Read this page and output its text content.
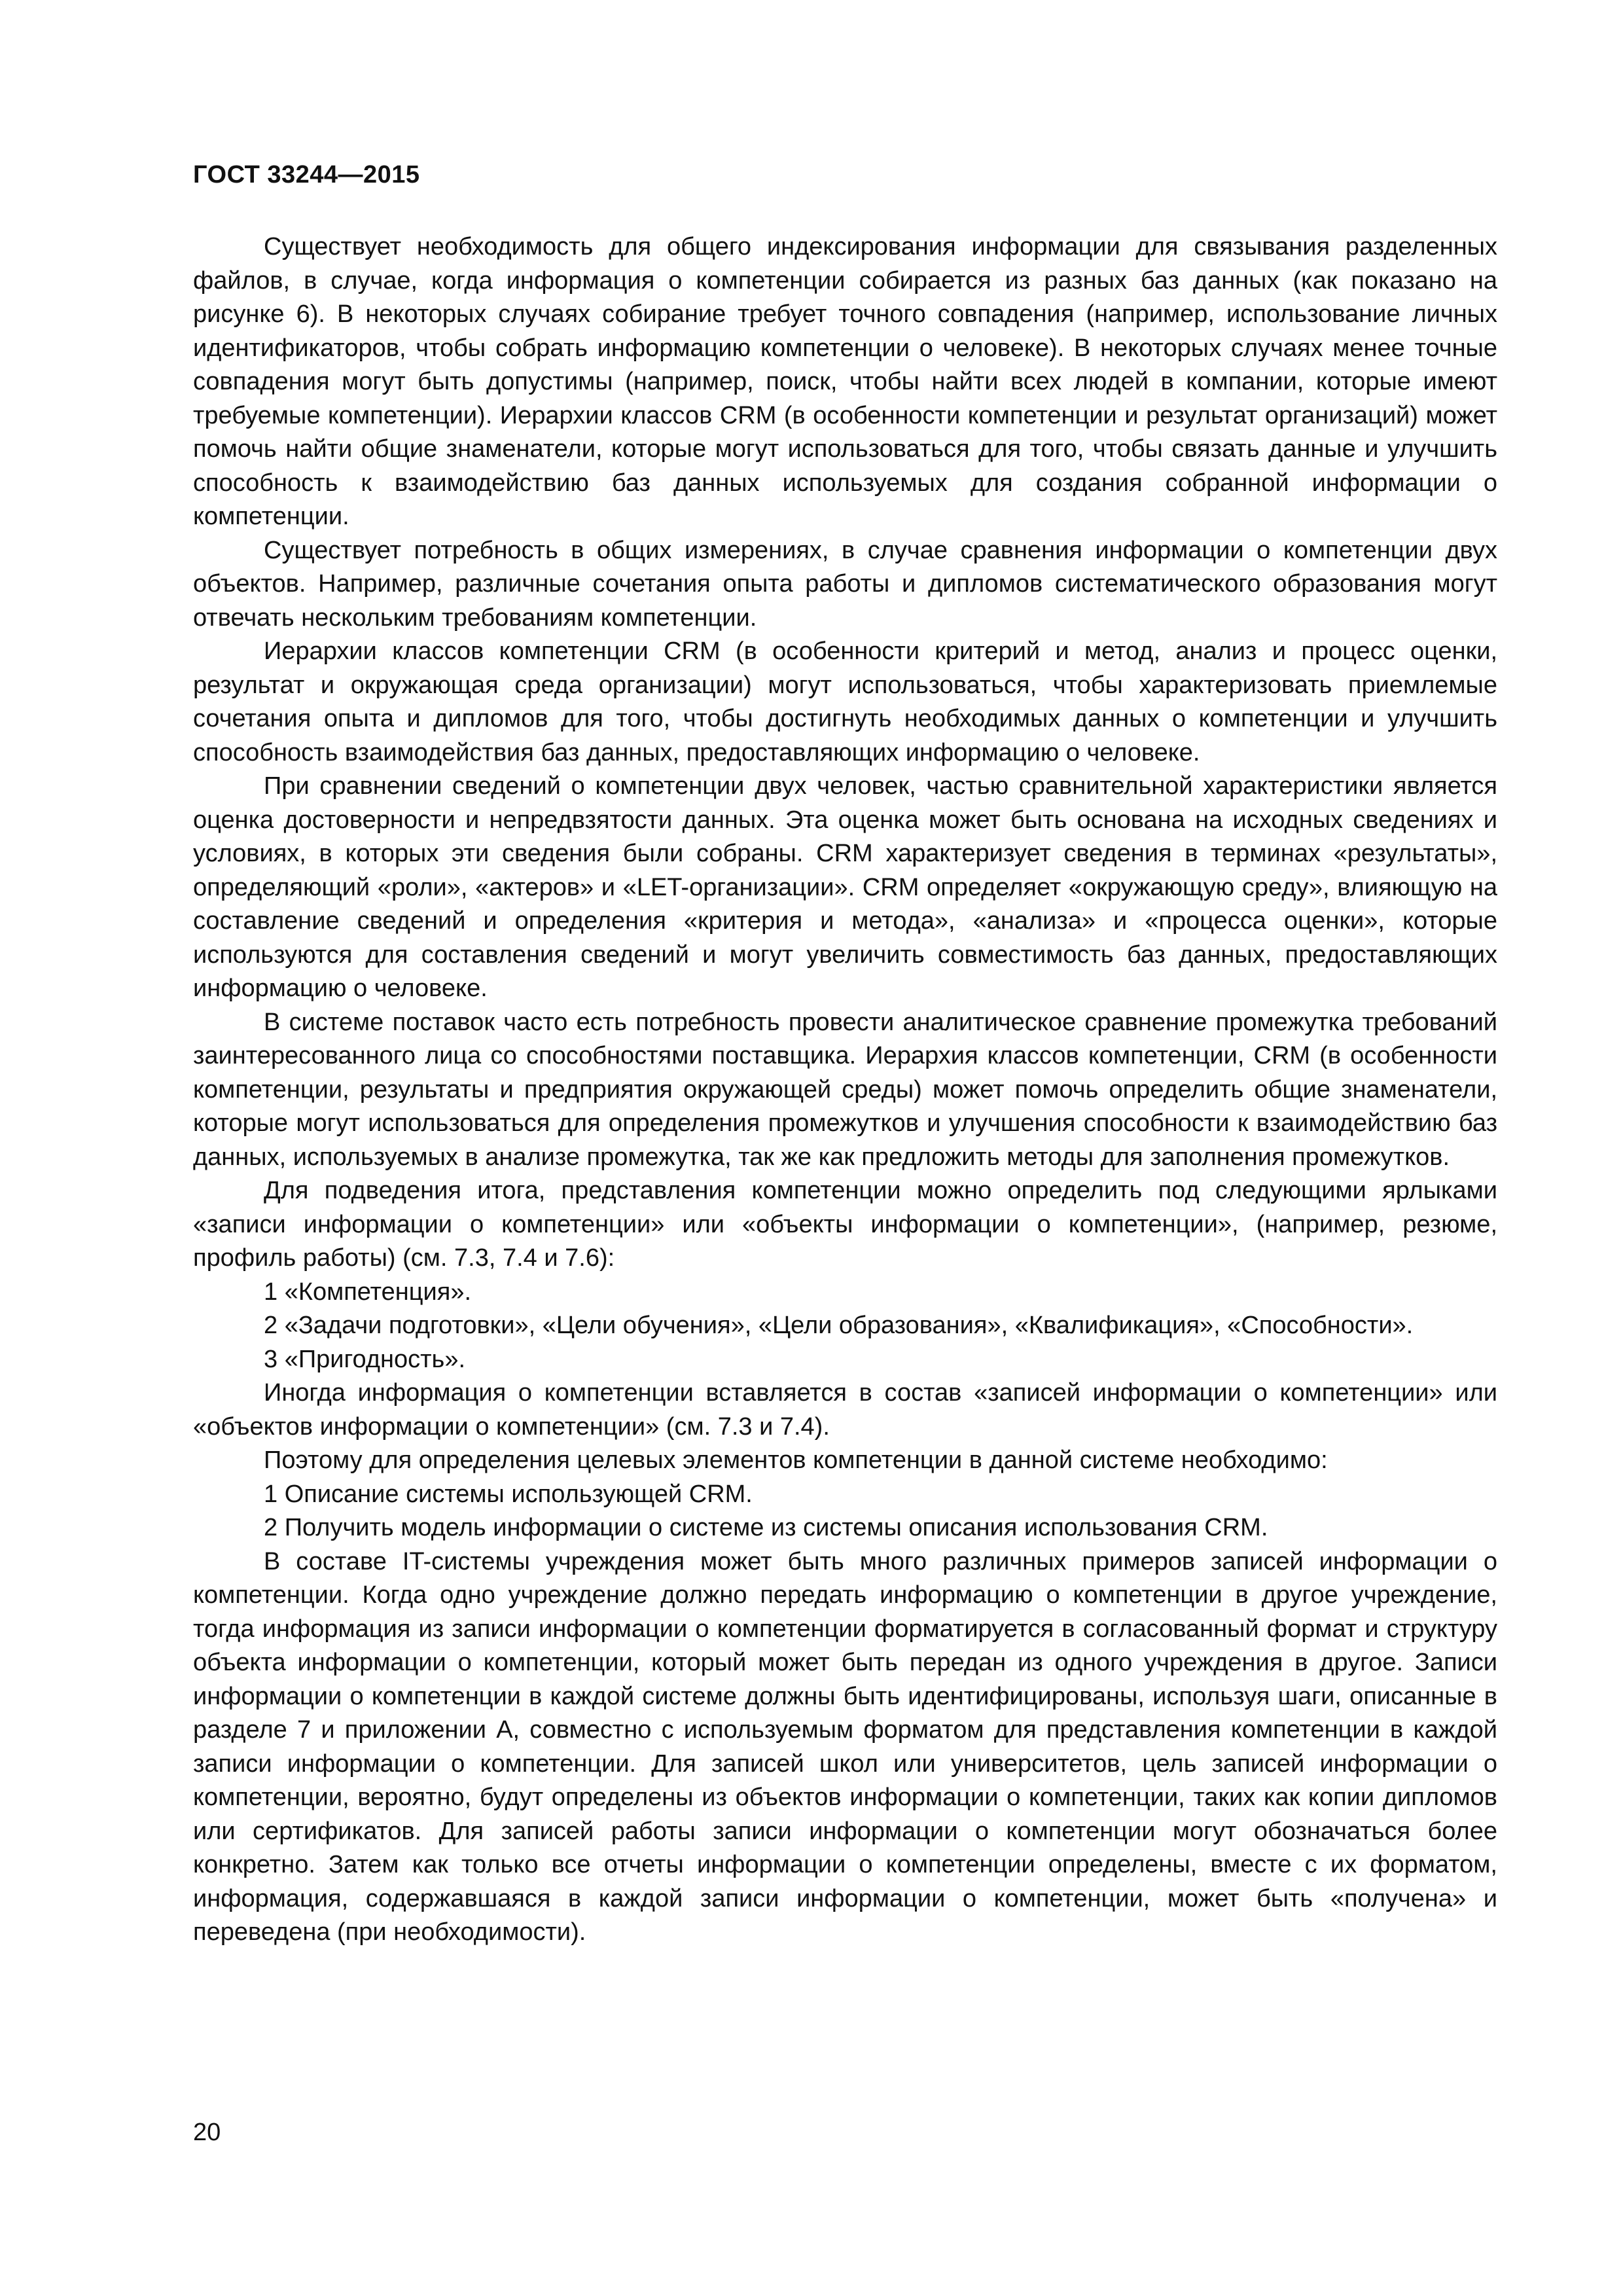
ГОСТ 33244—2015

Существует необходимость для общего индексирования информации для связывания разделенных файлов, в случае, когда информация о компетенции собирается из разных баз данных (как показано на рисунке 6). В некоторых случаях собирание требует точного совпадения (например, использование личных идентификаторов, чтобы собрать информацию компетенции о человеке). В некоторых случаях менее точные совпадения могут быть допустимы (например, поиск, чтобы найти всех людей в компании, которые имеют требуемые компетенции). Иерархии классов CRM (в особенности компетенции и результат организаций) может помочь найти общие знаменатели, которые могут использоваться для того, чтобы связать данные и улучшить способность к взаимодействию баз данных используемых для создания собранной информации о компетенции.

Существует потребность в общих измерениях, в случае сравнения информации о компетенции двух объектов. Например, различные сочетания опыта работы и дипломов систематического образования могут отвечать нескольким требованиям компетенции.

Иерархии классов компетенции CRM (в особенности критерий и метод, анализ и процесс оценки, результат и окружающая среда организации) могут использоваться, чтобы характеризовать приемлемые сочетания опыта и дипломов для того, чтобы достигнуть необходимых данных о компетенции и улучшить способность взаимодействия баз данных, предоставляющих информацию о человеке.

При сравнении сведений о компетенции двух человек, частью сравнительной характеристики является оценка достоверности и непредвзятости данных. Эта оценка может быть основана на исходных сведениях и условиях, в которых эти сведения были собраны. CRM характеризует сведения в терминах «результаты», определяющий «роли», «актеров» и «LET-организации». CRM определяет «окружающую среду», влияющую на составление сведений и определения «критерия и метода», «анализа» и «процесса оценки», которые используются для составления сведений и могут увеличить совместимость баз данных, предоставляющих информацию о человеке.

В системе поставок часто есть потребность провести аналитическое сравнение промежутка требований заинтересованного лица со способностями поставщика. Иерархия классов компетенции, CRM (в особенности компетенции, результаты и предприятия окружающей среды) может помочь определить общие знаменатели, которые могут использоваться для определения промежутков и улучшения способности к взаимодействию баз данных, используемых в анализе промежутка, так же как предложить методы для заполнения промежутков.

Для подведения итога, представления компетенции можно определить под следующими ярлыками «записи информации о компетенции» или «объекты информации о компетенции», (например, резюме, профиль работы) (см. 7.3, 7.4 и 7.6):

1 «Компетенция».

2 «Задачи подготовки», «Цели обучения», «Цели образования», «Квалификация», «Способности».

3 «Пригодность».

Иногда информация о компетенции вставляется в состав «записей информации о компетенции» или «объектов информации о компетенции» (см. 7.3 и 7.4).

Поэтому для определения целевых элементов компетенции в данной системе необходимо:

1 Описание системы использующей CRM.

2 Получить модель информации о системе из системы описания использования CRM.

В составе IT-системы учреждения может быть много различных примеров записей информации о компетенции. Когда одно учреждение должно передать информацию о компетенции в другое учреждение, тогда информация из записи информации о компетенции форматируется в согласованный формат и структуру объекта информации о компетенции, который может быть передан из одного учреждения в другое. Записи информации о компетенции в каждой системе должны быть идентифицированы, используя шаги, описанные в разделе 7 и приложении А, совместно с используемым форматом для представления компетенции в каждой записи информации о компетенции. Для записей школ или университетов, цель записей информации о компетенции, вероятно, будут определены из объектов информации о компетенции, таких как копии дипломов или сертификатов. Для записей работы записи информации о компетенции могут обозначаться более конкретно. Затем как только все отчеты информации о компетенции определены, вместе с их форматом, информация, содержавшаяся в каждой записи информации о компетенции, может быть «получена» и переведена (при необходимости).

20
